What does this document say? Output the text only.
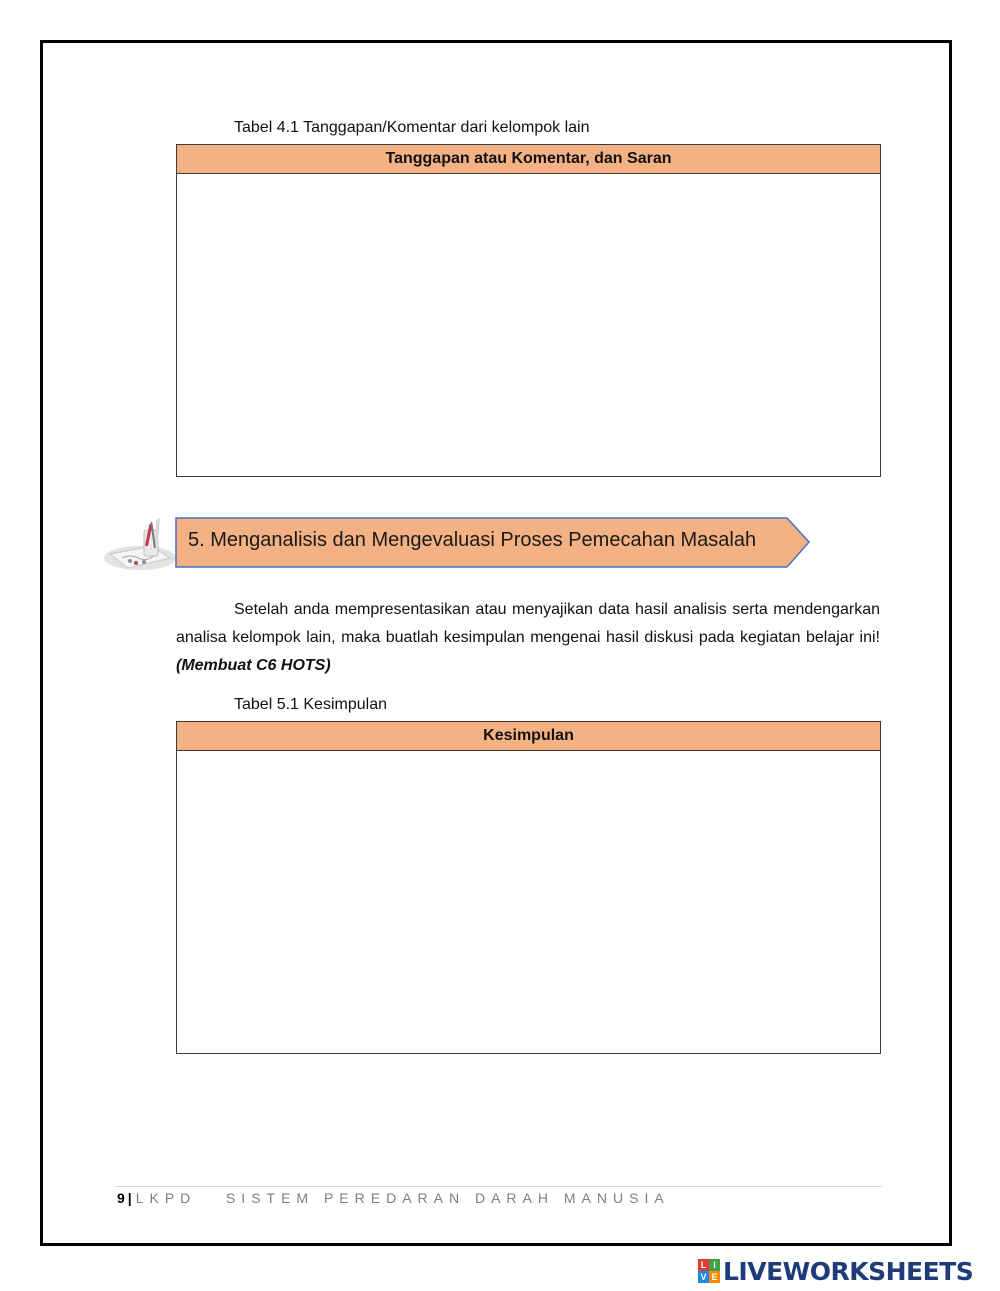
Tabel 4.1 Tanggapan/Komentar dari kelompok lain
Tanggapan atau Komentar, dan Saran
5. Menganalisis dan Mengevaluasi Proses Pemecahan Masalah
Setelah anda mempresentasikan atau menyajikan data hasil analisis serta mendengarkan analisa kelompok lain, maka buatlah kesimpulan mengenai hasil diskusi pada kegiatan belajar ini! (Membuat C6 HOTS)
Tabel 5.1 Kesimpulan
Kesimpulan
9 | LKPD   SISTEM PEREDARAN DARAH MANUSIA
L I
V E LIVEWORKSHEETS
